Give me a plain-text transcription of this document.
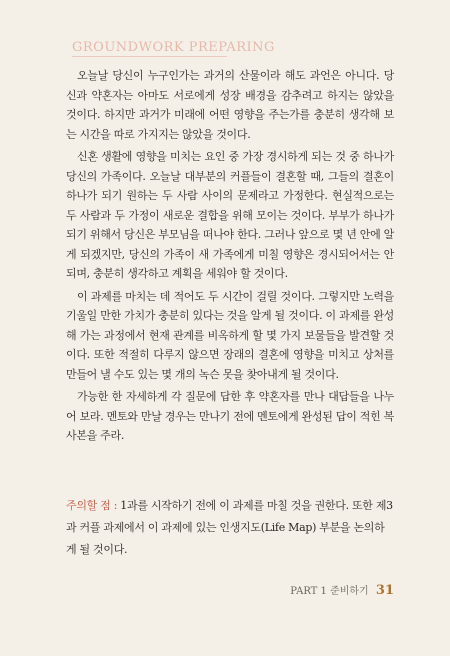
GROUNDWORK PREPARING

오늘날 당신이 누구인가는 과거의 산물이라 해도 과언은 아니다. 당신과 약혼자는 아마도 서로에게 성장 배경을 감추려고 하지는 않았을 것이다. 하지만 과거가 미래에 어떤 영향을 주는가를 충분히 생각해 보는 시간을 따로 가지지는 않았을 것이다.

신혼 생활에 영향을 미치는 요인 중 가장 경시하게 되는 것 중 하나가 당신의 가족이다. 오늘날 대부분의 커플들이 결혼할 때, 그들의 결혼이 하나가 되기 원하는 두 사람 사이의 문제라고 가정한다. 현실적으로는 두 사람과 두 가정이 새로운 결합을 위해 모이는 것이다. 부부가 하나가 되기 위해서 당신은 부모님을 떠나야 한다. 그러나 앞으로 몇 년 안에 알게 되겠지만, 당신의 가족이 새 가족에게 미칠 영향은 경시되어서는 안 되며, 충분히 생각하고 계획을 세워야 할 것이다.

이 과제를 마치는 데 적어도 두 시간이 걸릴 것이다. 그렇지만 노력을 기울일 만한 가치가 충분히 있다는 것을 알게 될 것이다. 이 과제를 완성해 가는 과정에서 현재 관계를 비옥하게 할 몇 가지 보물들을 발견할 것이다. 또한 적절히 다루지 않으면 장래의 결혼에 영향을 미치고 상처를 만들어 낼 수도 있는 몇 개의 녹슨 못을 찾아내게 될 것이다.

가능한 한 자세하게 각 질문에 답한 후 약혼자를 만나 대답들을 나누어 보라. 멘토와 만날 경우는 만나기 전에 멘토에게 완성된 답이 적힌 복사본을 주라.

주의할 점 : 1과를 시작하기 전에 이 과제를 마칠 것을 권한다. 또한 제3과 커플 과제에서 이 과제에 있는 인생지도(Life Map) 부분을 논의하게 될 것이다.
PART 1 준비하기 31
